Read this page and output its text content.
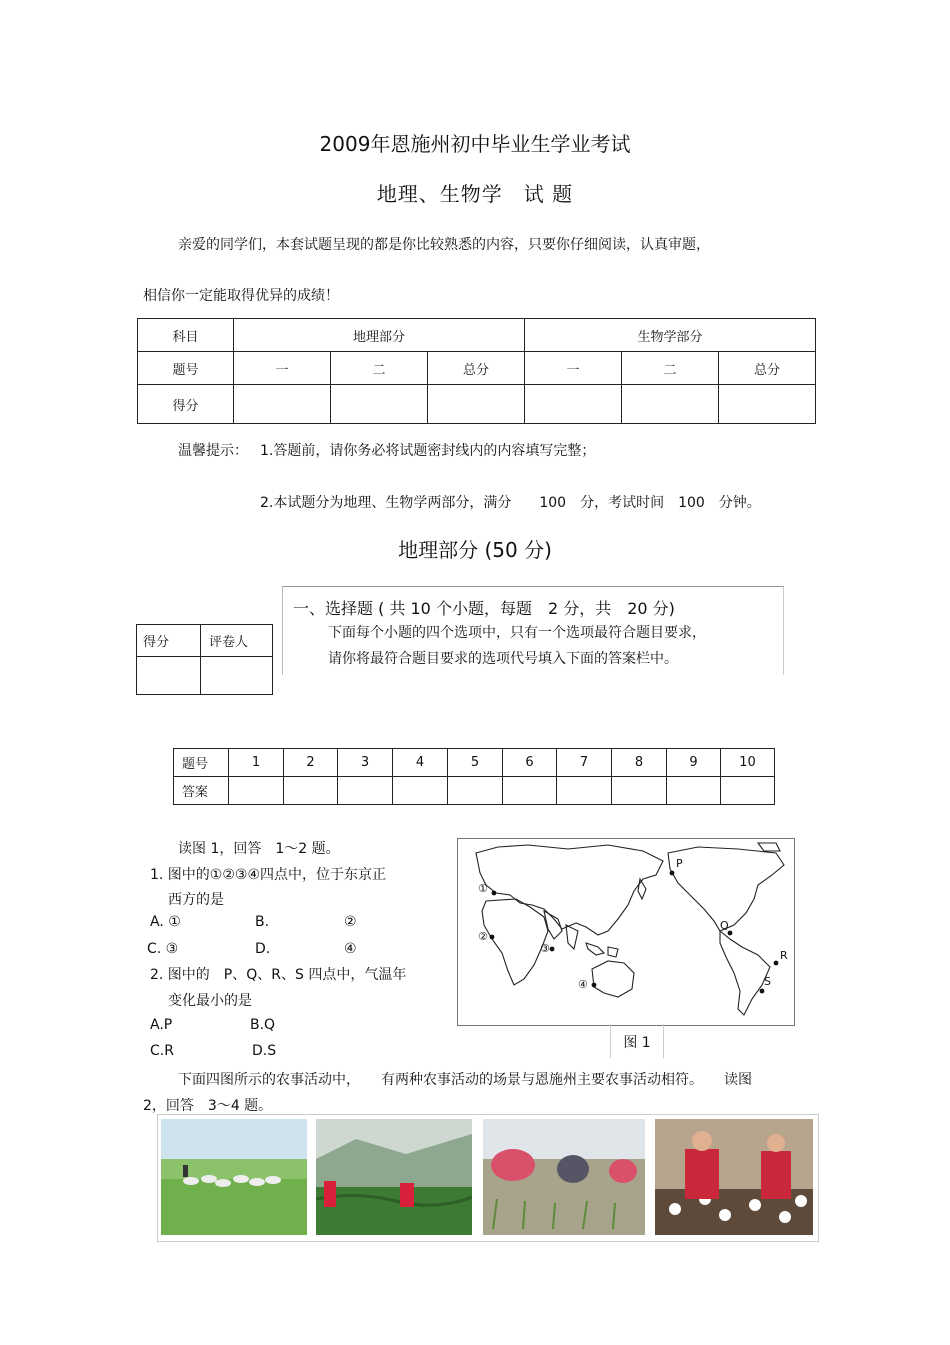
2009年恩施州初中毕业生学业考试
地理、生物学　试 题
亲爱的同学们，本套试题呈现的都是你比较熟悉的内容，只要你仔细阅读，认真审题，
相信你一定能取得优异的成绩！
科目	地理部分			生物学部分		
题号	一	二	总分	一	二	总分
得分						
温馨提示： 1.答题前，请你务必将试题密封线内的内容填写完整；
2.本试题分为地理、生物学两部分，满分　　100　分，考试时间　100　分钟。
地理部分 (50 分)
得分	评卷人

一、选择题 ( 共 10 个小题，每题　2 分，共　20 分)
下面每个小题的四个选项中，只有一个选项最符合题目要求，
请你将最符合题目要求的选项代号填入下面的答案栏中。
题号	1	2	3	4	5	6	7	8	9	10
答案										
读图 1，回答　1～2 题。
1. 图中的①②③④四点中，位于东京正
西方的是
A. ①	B.	②
C. ③	D.	④
2. 图中的　P、Q、R、S 四点中，气温年
变化最小的是
A.P	B.Q
C.R	D.S
①
②
③
④
P
Q
R
S
图 1
下面四图所示的农事活动中，　　有两种农事活动的场景与恩施州主要农事活动相符。　　读图
2，回答　3～4 题。
